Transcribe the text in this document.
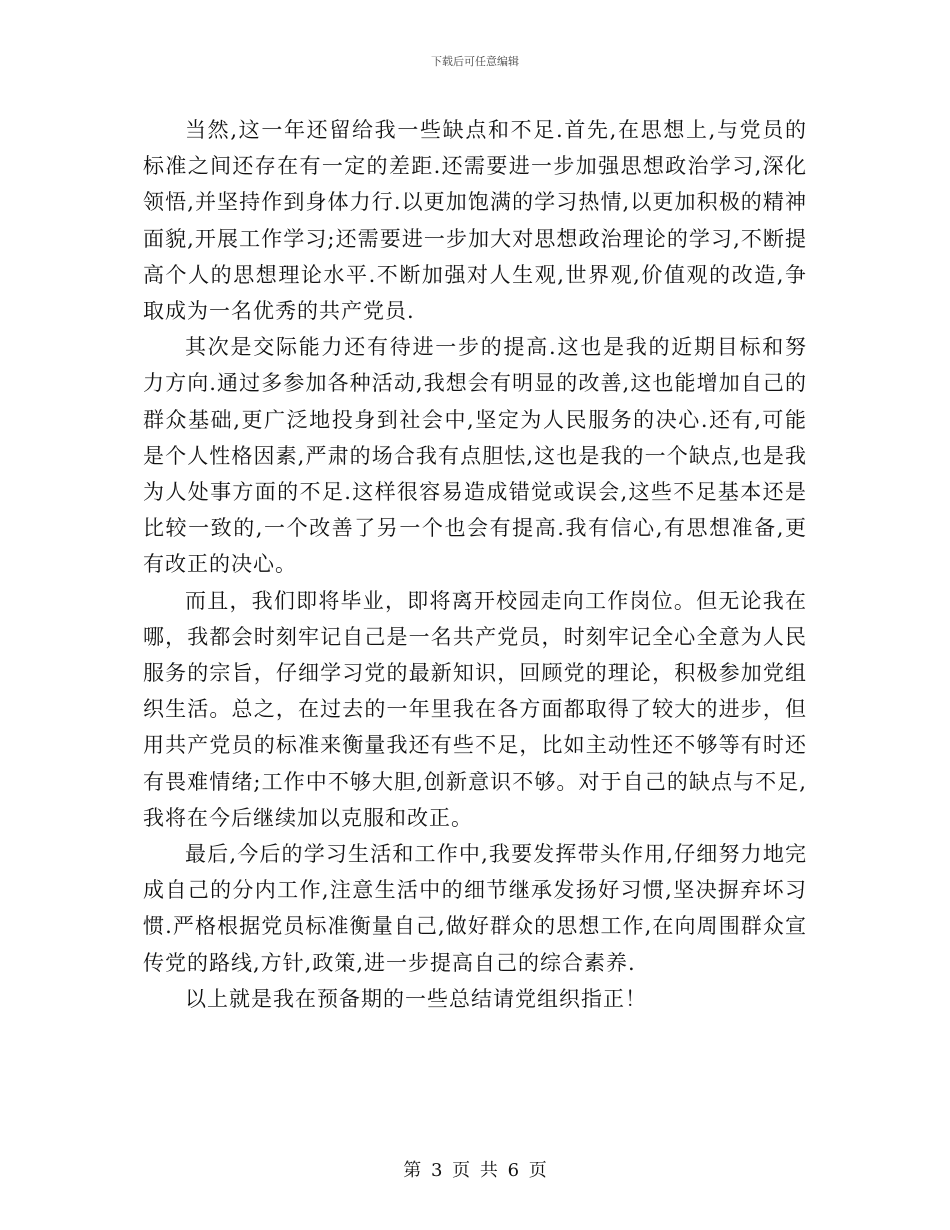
下载后可任意编辑

当然,这一年还留给我一些缺点和不足.首先,在思想上,与党员的标准之间还存在有一定的差距.还需要进一步加强思想政治学习,深化领悟,并坚持作到身体力行.以更加饱满的学习热情,以更加积极的精神面貌,开展工作学习;还需要进一步加大对思想政治理论的学习,不断提高个人的思想理论水平.不断加强对人生观,世界观,价值观的改造,争取成为一名优秀的共产党员.

其次是交际能力还有待进一步的提高.这也是我的近期目标和努力方向.通过多参加各种活动,我想会有明显的改善,这也能增加自己的群众基础,更广泛地投身到社会中,坚定为人民服务的决心.还有,可能是个人性格因素,严肃的场合我有点胆怯,这也是我的一个缺点,也是我为人处事方面的不足.这样很容易造成错觉或误会,这些不足基本还是比较一致的,一个改善了另一个也会有提高.我有信心,有思想准备,更有改正的决心。

而且，我们即将毕业，即将离开校园走向工作岗位。但无论我在哪，我都会时刻牢记自己是一名共产党员，时刻牢记全心全意为人民服务的宗旨，仔细学习党的最新知识，回顾党的理论，积极参加党组织生活。总之，在过去的一年里我在各方面都取得了较大的进步，但用共产党员的标准来衡量我还有些不足，比如主动性还不够等有时还有畏难情绪;工作中不够大胆,创新意识不够。对于自己的缺点与不足,我将在今后继续加以克服和改正。

最后,今后的学习生活和工作中,我要发挥带头作用,仔细努力地完成自己的分内工作,注意生活中的细节继承发扬好习惯,坚决摒弃坏习惯.严格根据党员标准衡量自己,做好群众的思想工作,在向周围群众宣传党的路线,方针,政策,进一步提高自己的综合素养.

以上就是我在预备期的一些总结请党组织指正！

第 3 页 共 6 页
